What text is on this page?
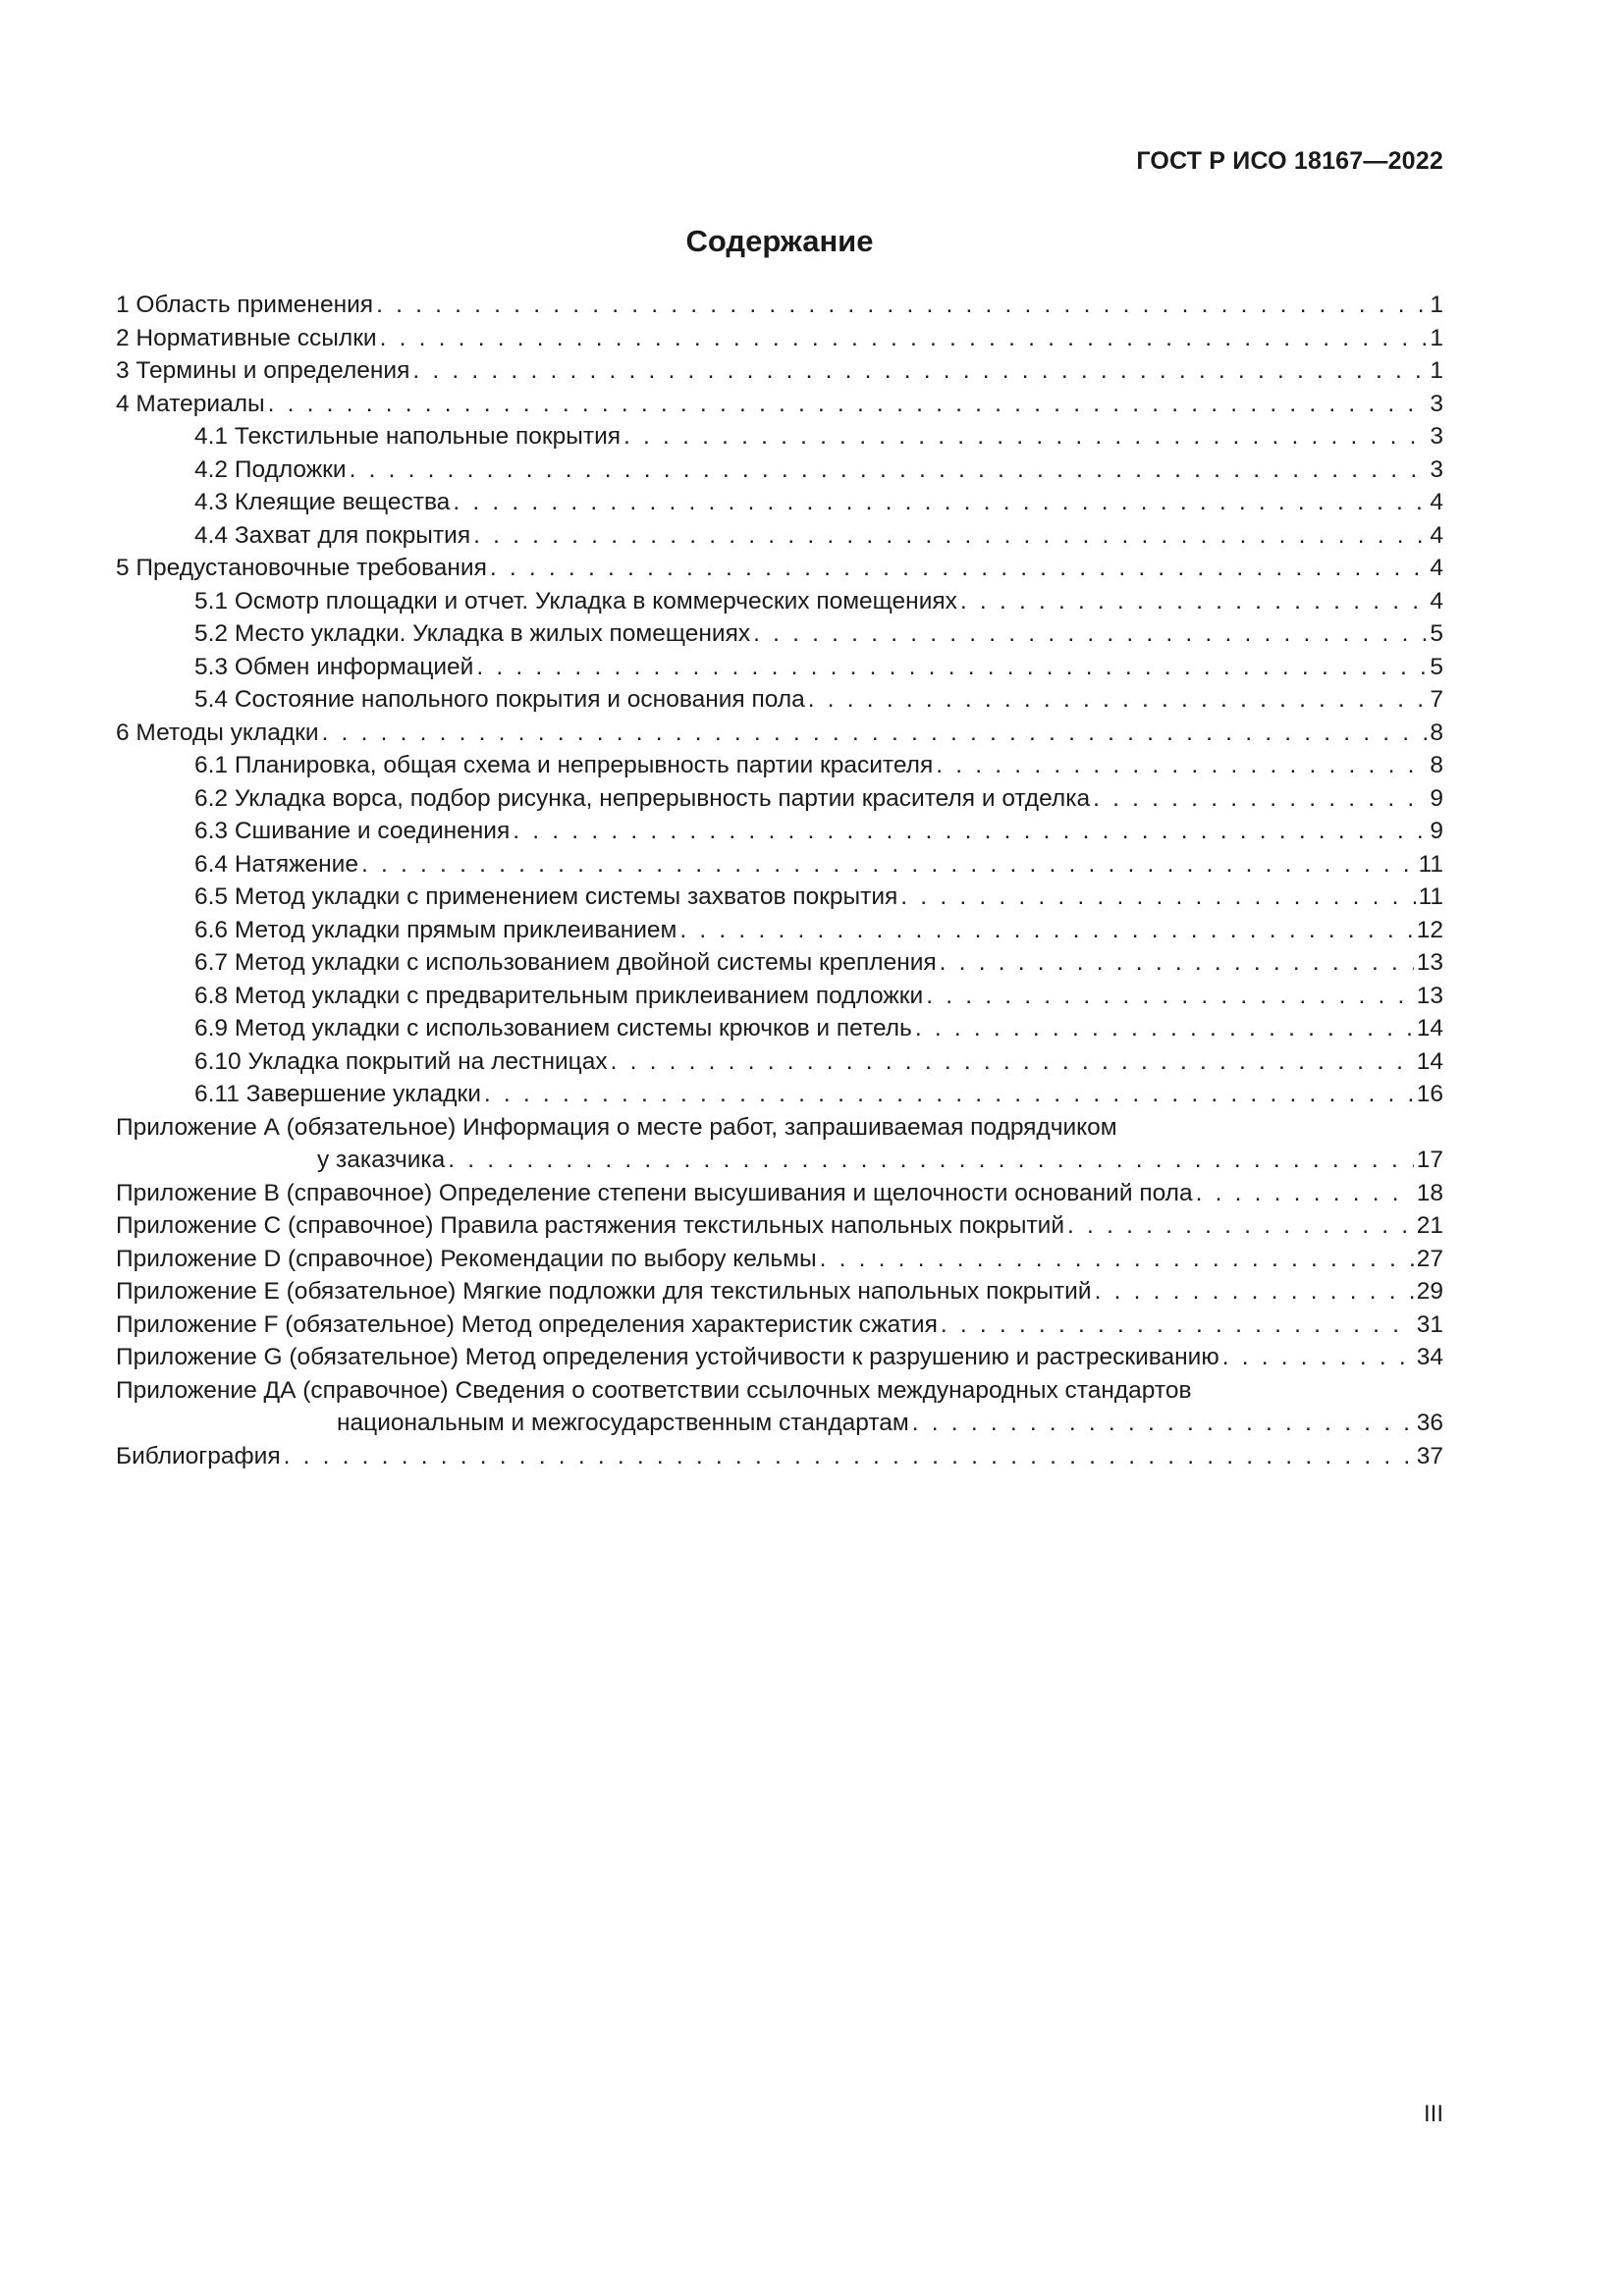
ГОСТ Р ИСО 18167—2022
Содержание
1 Область применения . . .	1
2 Нормативные ссылки . . .	1
3 Термины и определения . . .	1
4 Материалы . . .	3
4.1 Текстильные напольные покрытия . . .	3
4.2 Подложки . . .	3
4.3 Клеящие вещества . . .	4
4.4 Захват для покрытия . . .	4
5 Предустановочные требования . . .	4
5.1 Осмотр площадки и отчет. Укладка в коммерческих помещениях . . .	4
5.2 Место укладки. Укладка в жилых помещениях . . .	5
5.3 Обмен информацией . . .	5
5.4 Состояние напольного покрытия и основания пола . . .	7
6 Методы укладки . . .	8
6.1 Планировка, общая схема и непрерывность партии красителя . . .	8
6.2 Укладка ворса, подбор рисунка, непрерывность партии красителя и отделка . . .	9
6.3 Сшивание и соединения . . .	9
6.4 Натяжение . . .	11
6.5 Метод укладки с применением системы захватов покрытия . . .	11
6.6 Метод укладки прямым приклеиванием . . .	12
6.7 Метод укладки с использованием двойной системы крепления . . .	13
6.8 Метод укладки с предварительным приклеиванием подложки . . .	13
6.9 Метод укладки с использованием системы крючков и петель . . .	14
6.10 Укладка покрытий на лестницах . . .	14
6.11 Завершение укладки . . .	16
Приложение А (обязательное) Информация о месте работ, запрашиваемая подрядчиком
у заказчика . . .	17
Приложение В (справочное) Определение степени высушивания и щелочности оснований пола . . .	18
Приложение С (справочное) Правила растяжения текстильных напольных покрытий . . .	21
Приложение D (справочное) Рекомендации по выбору кельмы . . .	27
Приложение Е (обязательное) Мягкие подложки для текстильных напольных покрытий . . .	29
Приложение F (обязательное) Метод определения характеристик сжатия . . .	31
Приложение G (обязательное) Метод определения устойчивости к разрушению и растрескиванию . . .	34
Приложение ДА (справочное) Сведения о соответствии ссылочных международных стандартов
национальным и межгосударственным стандартам . . .	36
Библиография . . .	37
III
